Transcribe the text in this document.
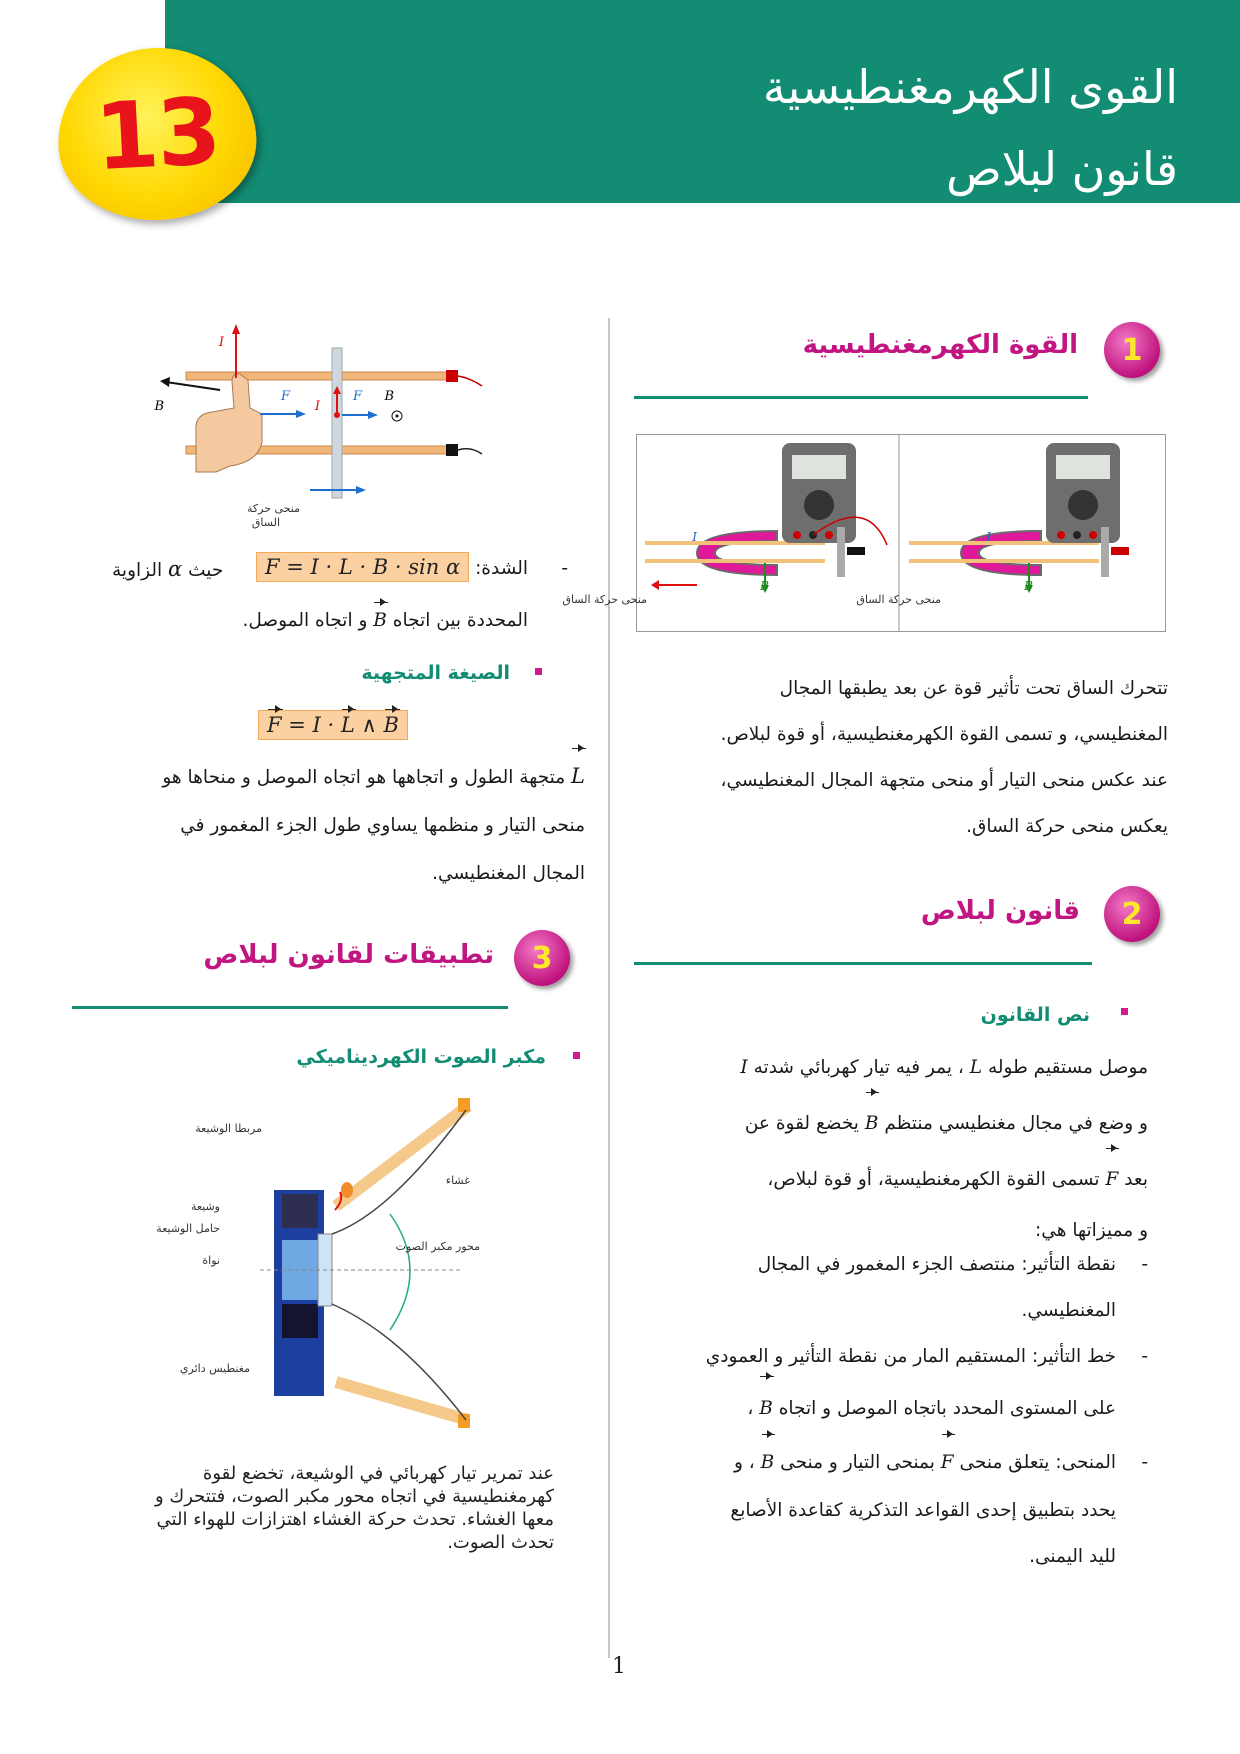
13	القوى الكهرمغنطيسية
قانون لبلاص
1
القوة الكهرمغنطيسية
B
I
منحى حركة الساق
B
I
منحى حركة الساق
تتحرك الساق تحت تأثير قوة عن بعد يطبقها المجال
المغنطيسي، و تسمى القوة الكهرمغنطيسية، أو قوة لبلاص.
عند عكس منحى التيار أو منحى متجهة المجال المغنطيسي،
يعكس منحى حركة الساق.
2
قانون لبلاص
نص القانون
موصل مستقيم طوله L ، يمر فيه تيار كهربائي شدته I
و وضع في مجال مغنطيسي منتظم B يخضع لقوة عن
بعد F تسمى القوة الكهرمغنطيسية، أو قوة لبلاص،
و مميزاتها هي:
-
نقطة التأثير: منتصف الجزء المغمور في المجال
المغنطيسي.
-
خط التأثير: المستقيم المار من نقطة التأثير و العمودي
على المستوى المحدد باتجاه الموصل و اتجاه B ،
-
المنحى: يتعلق منحى F بمنحى التيار و منحى B ، و
يحدد بتطبيق إحدى القواعد التذكرية كقاعدة الأصابع
لليد اليمنى.
I
B
F
I
F B
منحى حركة
الساق
-
الشدة:
F = I · L · B · sin α
حيث α الزاوية
المحددة بين اتجاه B و اتجاه الموصل.
الصيغة المتجهية
F = I · L ∧ B
L متجهة الطول و اتجاهها هو اتجاه الموصل و منحاها هو
منحى التيار و منظمها يساوي طول الجزء المغمور في
المجال المغنطيسي.
3
تطبيقات لقانون لبلاص
مكبر الصوت الكهرديناميكي
مربطا الوشيعة
غشاء
وشيعة
حامل الوشيعة
نواة
محور مكبر الصوت
مغنطيس دائري
عند تمرير تيار كهربائي في الوشيعة، تخضع لقوة
كهرمغنطيسية في اتجاه محور مكبر الصوت، فتتحرك و
معها الغشاء. تحدث حركة الغشاء اهتزازات للهواء التي
تحدث الصوت.
1
